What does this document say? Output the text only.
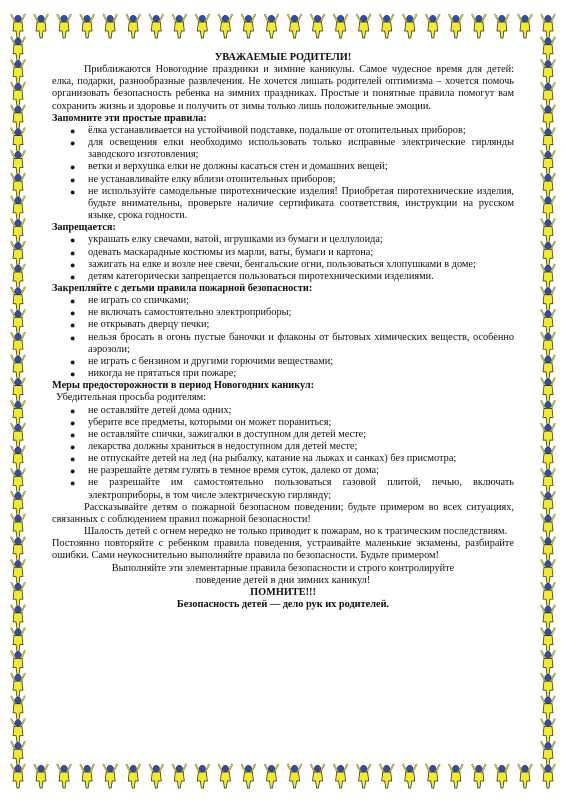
УВАЖАЕМЫЕ РОДИТЕЛИ!

Приближаются Новогодние праздники и зимние каникулы. Самое чудесное время для детей: елка, подарки, разнообразные развлечения. Не хочется лишать родителей оптимизма – хочется помочь организовать безопасность ребенка на зимних праздниках. Простые и понятные правила помогут вам сохранить жизнь и здоровье и получить от зимы только лишь положительные эмоции.

Запомните эти простые правила:

● ёлка устанавливается на устойчивой подставке, подальше от отопительных приборов;
● для освещения елки необходимо использовать только исправные электрические гирлянды заводского изготовления;
● ветки и верхушка елки не должны касаться стен и домашних вещей;
● не устанавливайте елку вблизи отопительных приборов;
● не используйте самодельные пиротехнические изделия! Приобретая пиротехнические изделия, будьте внимательны, проверьте наличие сертификата соответствия, инструкции на русском языке, срока годности.

Запрещается:

● украшать елку свечами, ватой, игрушками из бумаги и целлулоида;
● одевать маскарадные костюмы из марли, ваты, бумаги и картона;
● зажигать на елке и возле нее свечи, бенгальские огни, пользоваться хлопушками в доме;
● детям категорически запрещается пользоваться пиротехническими изделиями.

Закрепляйте с детьми правила пожарной безопасности:

● не играть со спичками;
● не включать самостоятельно электроприборы;
● не открывать дверцу печки;
● нельзя бросать в огонь пустые баночки и флаконы от бытовых химических веществ, особенно аэрозоли;
● не играть с бензином и другими горючими веществами;
● никогда не прятаться при пожаре;

Меры предосторожности в период Новогодних каникул:

Убедительная просьба родителям:

● не оставляйте детей дома одних;
● уберите все предметы, которыми он может пораниться;
● не оставляйте спички, зажигалки в доступном для детей месте;
● лекарства должны храниться в недоступном для детей месте;
● не отпускайте детей на лед (на рыбалку, катание на лыжах и санках) без присмотра;
● не разрешайте детям гулять в темное время суток, далеко от дома;
● не разрешайте им самостоятельно пользоваться газовой плитой, печью, включать электроприборы, в том числе электрическую гирлянду;

Рассказывайте детям о пожарной безопасном поведении; будьте примером во всех ситуациях, связанных с соблюдением правил пожарной безопасности!

Шалость детей с огнем нередко не только приводит к пожарам, но к трагическим последствиям.

Постоянно повторяйте с ребенком правила поведения, устраивайте маленькие экзамены, разбирайте ошибки. Сами неукоснительно выполняйте правила по безопасности. Будьте примером!

Выполняйте эти элементарные правила безопасности и строго контролируйте поведение детей в дни зимних каникул!

ПОМНИТЕ!!!

Безопасность детей — дело рук их родителей.
